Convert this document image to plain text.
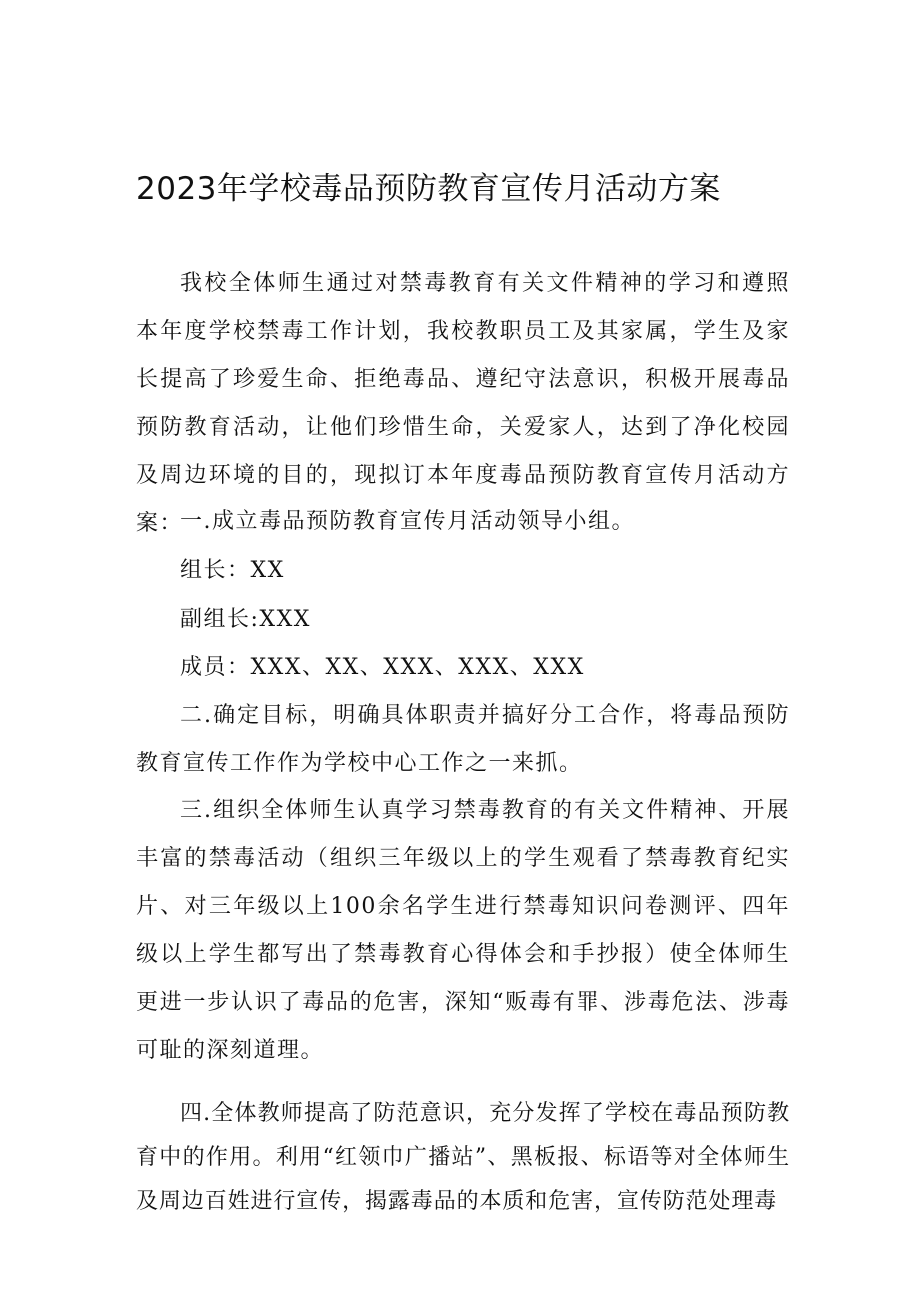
2023年学校毒品预防教育宣传月活动方案

我校全体师生通过对禁毒教育有关文件精神的学习和遵照本年度学校禁毒工作计划，我校教职员工及其家属，学生及家长提高了珍爱生命、拒绝毒品、遵纪守法意识，积极开展毒品预防教育活动，让他们珍惜生命，关爱家人，达到了净化校园及周边环境的目的，现拟订本年度毒品预防教育宣传月活动方案：

一.成立毒品预防教育宣传月活动领导小组。

组长：XX

副组长:XXX

成员：XXX、XX、XXX、XXX、XXX

二.确定目标，明确具体职责并搞好分工合作，将毒品预防教育宣传工作作为学校中心工作之一来抓。

三.组织全体师生认真学习禁毒教育的有关文件精神、开展丰富的禁毒活动（组织三年级以上的学生观看了禁毒教育纪实片、对三年级以上100余名学生进行禁毒知识问卷测评、四年级以上学生都写出了禁毒教育心得体会和手抄报）使全体师生更进一步认识了毒品的危害，深知“贩毒有罪、涉毒危法、涉毒可耻的深刻道理。

四.全体教师提高了防范意识，充分发挥了学校在毒品预防教育中的作用。利用“红领巾广播站”、黑板报、标语等对全体师生及周边百姓进行宣传，揭露毒品的本质和危害，宣传防范处理毒
